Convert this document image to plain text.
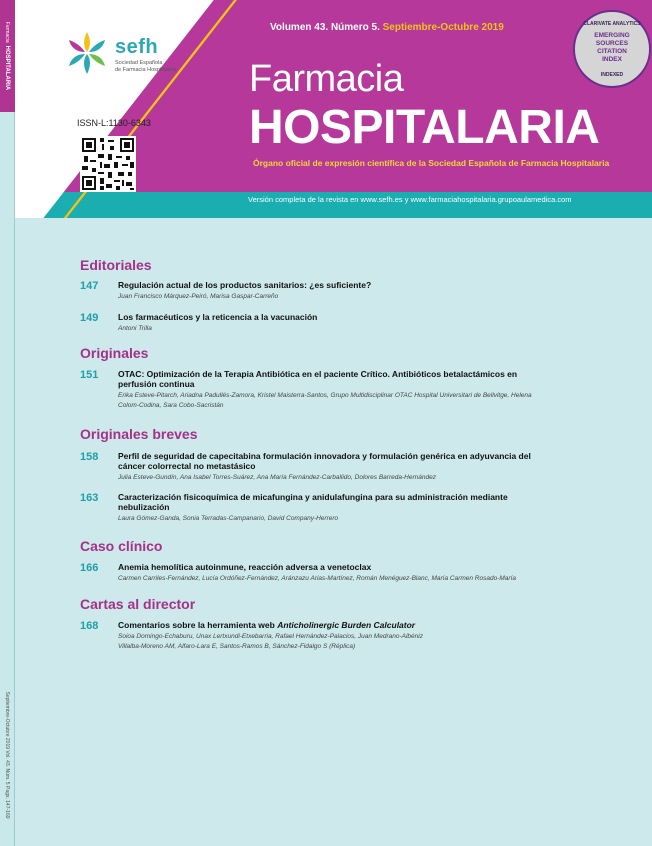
FarmaciaHOSPITALARIA
Septiembre-Octubre 2019 Vol. 43. Núm. 5 Pags. 147-169
sefh
Sociedad Española
de Farmacia Hospitalaria
ISSN-L:1130-6343
Volumen 43. Número 5. Septiembre-Octubre 2019
Farmacia
HOSPITALARIA
Órgano oficial de expresión científica de la Sociedad Española de Farmacia Hospitalaria
Versión completa de la revista en www.sefh.es y www.farmaciahospitalaria.grupoaulamedica.com
CLARIVATE ANALYTICS
EMERGING
SOURCES
CITATION
INDEX
INDEXED
Editoriales
147 Regulación actual de los productos sanitarios: ¿es suficiente?
Juan Francisco Márquez-Peiró, Marisa Gaspar-Carreño
149 Los farmacéuticos y la reticencia a la vacunación
Antoni Trilla
Originales
151 OTAC: Optimización de la Terapia Antibiótica en el paciente Crítico. Antibióticos betalactámicos en perfusión continua
Erika Esteve-Pitarch, Ariadna Padullés-Zamora, Kristel Maisterra-Santos, Grupo Multidisciplinar OTAC Hospital Universitari de Bellvitge, Helena Colom-Codina, Sara Cobo-Sacristán
Originales breves
158 Perfil de seguridad de capecitabina formulación innovadora y formulación genérica en adyuvancia del cáncer colorrectal no metastásico
Julia Esteve-Gundín, Ana Isabel Torres-Suárez, Ana María Fernández-Carballido, Dolores Barreda-Hernández
163 Caracterización fisicoquímica de micafungina y anidulafungina para su administración mediante nebulización
Laura Gómez-Ganda, Sonia Terradas-Campanario, David Company-Herrero
Caso clínico
166 Anemia hemolítica autoinmune, reacción adversa a venetoclax
Carmen Carriles-Fernández, Lucía Ordóñez-Fernández, Aránzazu Arias-Martínez, Román Menéguez-Blanc, María Carmen Rosado-María
Cartas al director
168 Comentarios sobre la herramienta web Anticholinergic Burden Calculator
Soioa Domingo-Echaburu, Unax Lertxundi-Etxebarria, Rafael Hernández-Palacios, Juan Medrano-Albéniz
Villalba-Moreno AM, Alfaro-Lara E, Santos-Ramos B, Sánchez-Fidalgo S (Réplica)
